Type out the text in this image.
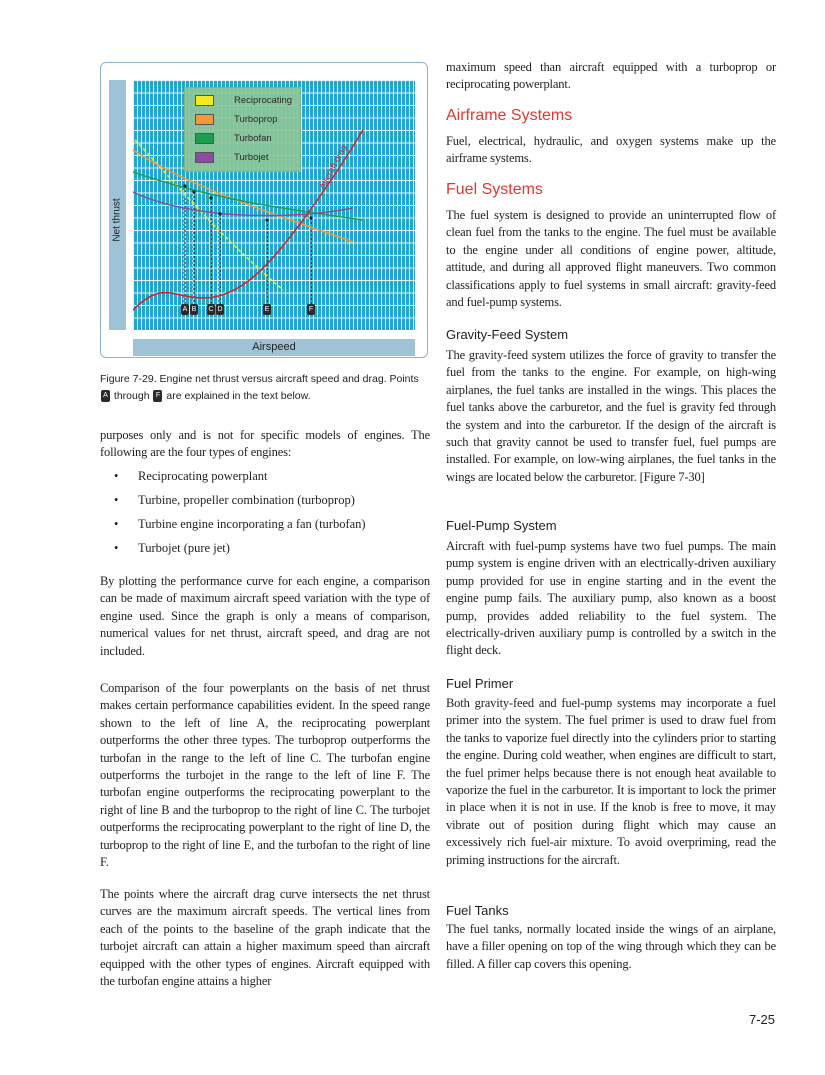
Net thrust
Aircraft drag
Airspeed
A B C D	E	F
Reciprocating
Turboprop
Turbofan
Turbojet
Figure 7-29. Engine net thrust versus aircraft speed and drag. Points A through F are explained in the text below.
purposes only and is not for specific models of engines. The following are the four types of engines:
• Reciprocating powerplant
• Turbine, propeller combination (turboprop)
• Turbine engine incorporating a fan (turbofan)
• Turbojet (pure jet)
By plotting the performance curve for each engine, a comparison can be made of maximum aircraft speed variation with the type of engine used. Since the graph is only a means of comparison, numerical values for net thrust, aircraft speed, and drag are not included.
Comparison of the four powerplants on the basis of net thrust makes certain performance capabilities evident. In the speed range shown to the left of line A, the reciprocating powerplant outperforms the other three types. The turboprop outperforms the turbofan in the range to the left of line C. The turbofan engine outperforms the turbojet in the range to the left of line F. The turbofan engine outperforms the reciprocating powerplant to the right of line B and the turboprop to the right of line C. The turbojet outperforms the reciprocating powerplant to the right of line D, the turboprop to the right of line E, and the turbofan to the right of line F.
The points where the aircraft drag curve intersects the net thrust curves are the maximum aircraft speeds. The vertical lines from each of the points to the baseline of the graph indicate that the turbojet aircraft can attain a higher maximum speed than aircraft equipped with the other types of engines. Aircraft equipped with the turbofan engine attains a higher
maximum speed than aircraft equipped with a turboprop or reciprocating powerplant.
Airframe Systems
Fuel, electrical, hydraulic, and oxygen systems make up the airframe systems.
Fuel Systems
The fuel system is designed to provide an uninterrupted flow of clean fuel from the tanks to the engine. The fuel must be available to the engine under all conditions of engine power, altitude, attitude, and during all approved flight maneuvers. Two common classifications apply to fuel systems in small aircraft: gravity-feed and fuel-pump systems.
Gravity-Feed System
The gravity-feed system utilizes the force of gravity to transfer the fuel from the tanks to the engine. For example, on high-wing airplanes, the fuel tanks are installed in the wings. This places the fuel tanks above the carburetor, and the fuel is gravity fed through the system and into the carburetor. If the design of the aircraft is such that gravity cannot be used to transfer fuel, fuel pumps are installed. For example, on low-wing airplanes, the fuel tanks in the wings are located below the carburetor. [Figure 7-30]
Fuel-Pump System
Aircraft with fuel-pump systems have two fuel pumps. The main pump system is engine driven with an electrically-driven auxiliary pump provided for use in engine starting and in the event the engine pump fails. The auxiliary pump, also known as a boost pump, provides added reliability to the fuel system. The electrically-driven auxiliary pump is controlled by a switch in the flight deck.
Fuel Primer
Both gravity-feed and fuel-pump systems may incorporate a fuel primer into the system. The fuel primer is used to draw fuel from the tanks to vaporize fuel directly into the cylinders prior to starting the engine. During cold weather, when engines are difficult to start, the fuel primer helps because there is not enough heat available to vaporize the fuel in the carburetor. It is important to lock the primer in place when it is not in use. If the knob is free to move, it may vibrate out of position during flight which may cause an excessively rich fuel-air mixture. To avoid overpriming, read the priming instructions for the aircraft.
Fuel Tanks
The fuel tanks, normally located inside the wings of an airplane, have a filler opening on top of the wing through which they can be filled. A filler cap covers this opening.
7-25
